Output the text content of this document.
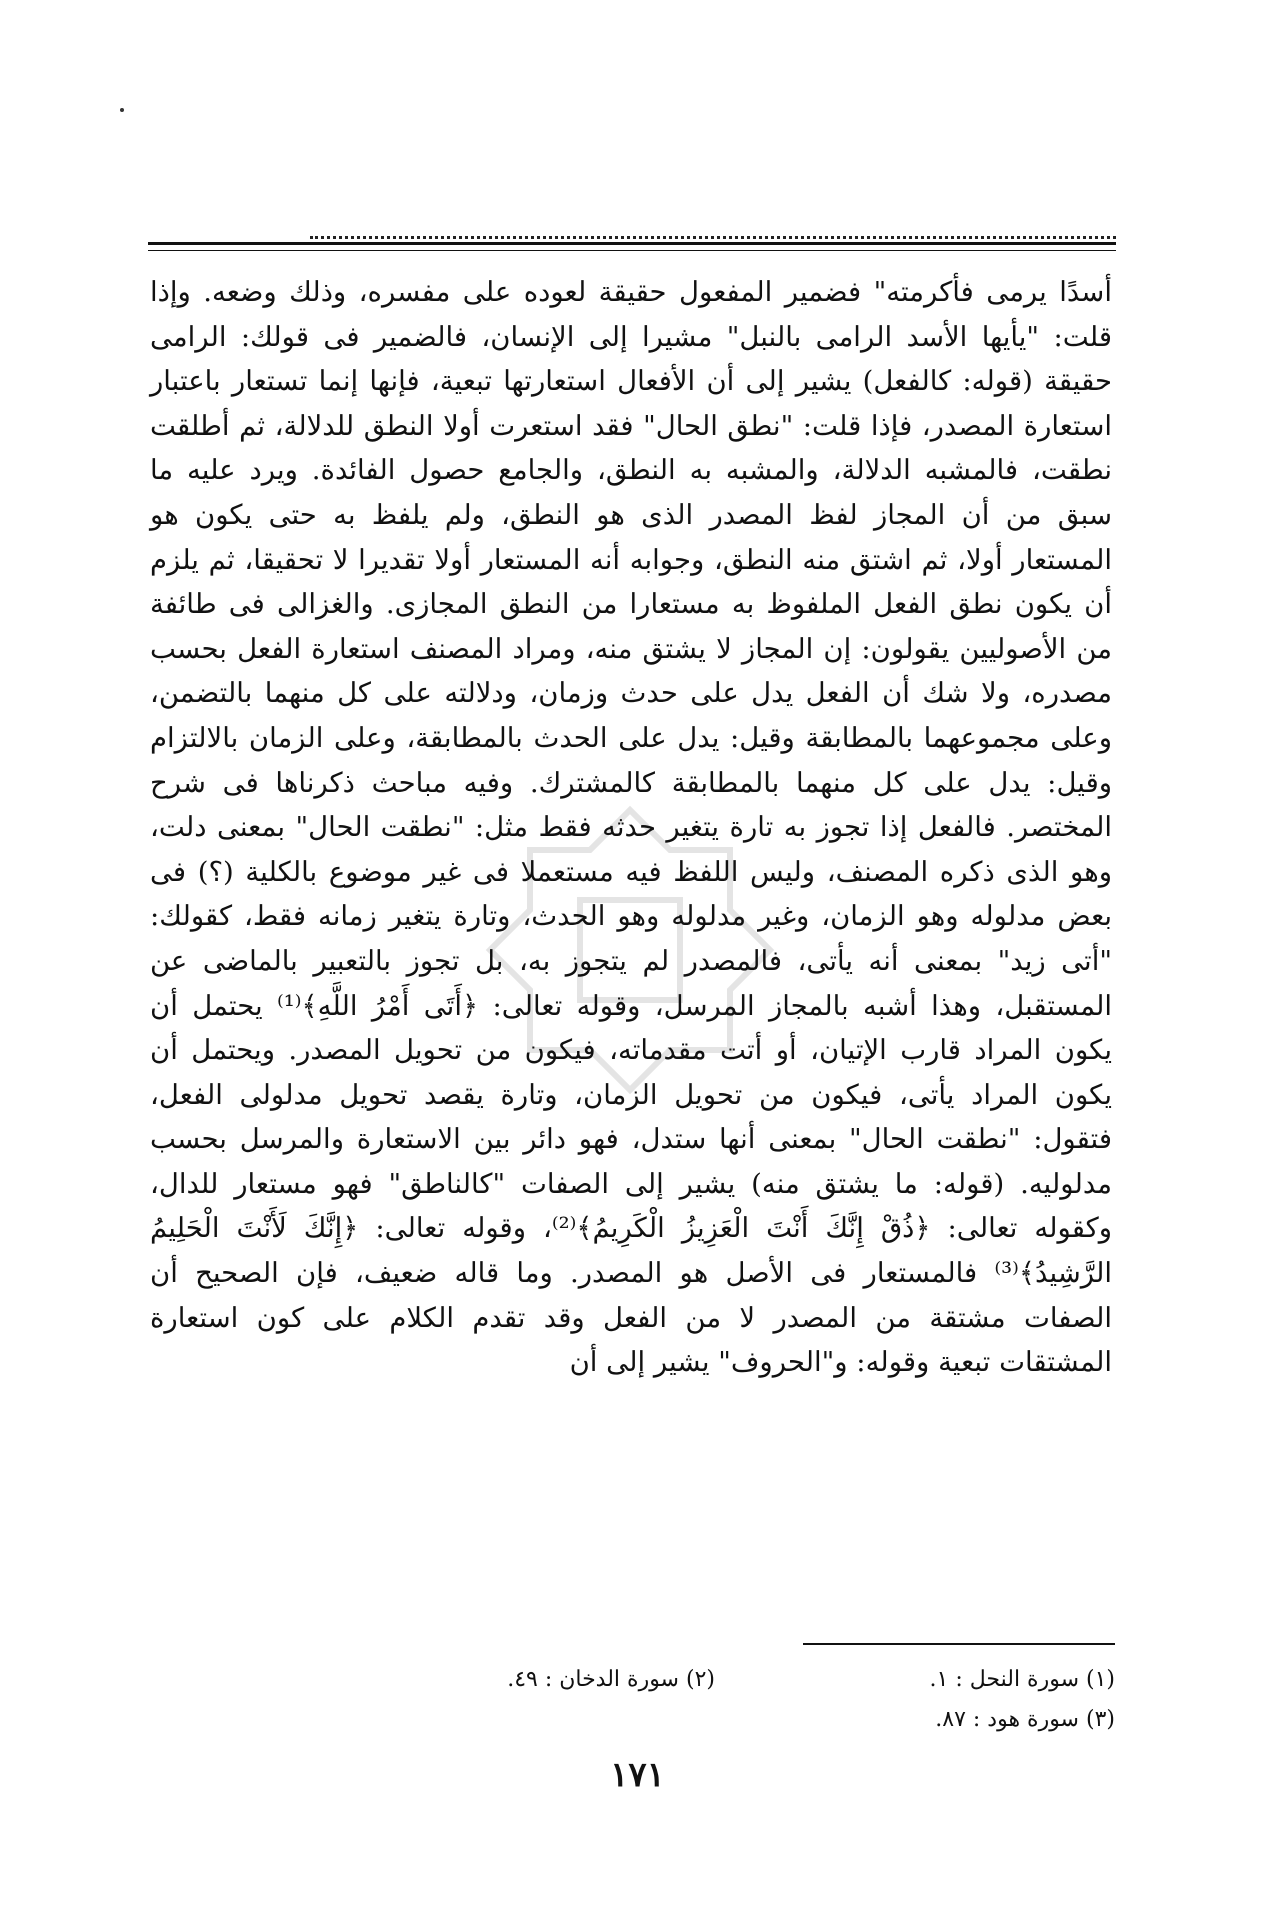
أسدًا يرمى فأكرمته" فضمير المفعول حقيقة لعوده على مفسره، وذلك وضعه. وإذا قلت: "يأيها الأسد الرامى بالنبل" مشيرا إلى الإنسان، فالضمير فى قولك: الرامى حقيقة (قوله: كالفعل) يشير إلى أن الأفعال استعارتها تبعية، فإنها إنما تستعار باعتبار استعارة المصدر، فإذا قلت: "نطق الحال" فقد استعرت أولا النطق للدلالة، ثم أطلقت نطقت، فالمشبه الدلالة، والمشبه به النطق، والجامع حصول الفائدة. ويرد عليه ما سبق من أن المجاز لفظ المصدر الذى هو النطق، ولم يلفظ به حتى يكون هو المستعار أولا، ثم اشتق منه النطق، وجوابه أنه المستعار أولا تقديرا لا تحقيقا، ثم يلزم أن يكون نطق الفعل الملفوظ به مستعارا من النطق المجازى. والغزالى فى طائفة من الأصوليين يقولون: إن المجاز لا يشتق منه، ومراد المصنف استعارة الفعل بحسب مصدره، ولا شك أن الفعل يدل على حدث وزمان، ودلالته على كل منهما بالتضمن، وعلى مجموعهما بالمطابقة وقيل: يدل على الحدث بالمطابقة، وعلى الزمان بالالتزام وقيل: يدل على كل منهما بالمطابقة كالمشترك. وفيه مباحث ذكرناها فى شرح المختصر. فالفعل إذا تجوز به تارة يتغير حدثه فقط مثل: "نطقت الحال" بمعنى دلت، وهو الذى ذكره المصنف، وليس اللفظ فيه مستعملا فى غير موضوع بالكلية (؟) فى بعض مدلوله وهو الزمان، وغير مدلوله وهو الحدث، وتارة يتغير زمانه فقط، كقولك: "أتى زيد" بمعنى أنه يأتى، فالمصدر لم يتجوز به، بل تجوز بالتعبير بالماضى عن المستقبل، وهذا أشبه بالمجاز المرسل، وقوله تعالى: ﴿أَتَى أَمْرُ اللَّهِ﴾⁽¹⁾ يحتمل أن يكون المراد قارب الإتيان، أو أتت مقدماته، فيكون من تحويل المصدر. ويحتمل أن يكون المراد يأتى، فيكون من تحويل الزمان، وتارة يقصد تحويل مدلولى الفعل، فتقول: "نطقت الحال" بمعنى أنها ستدل، فهو دائر بين الاستعارة والمرسل بحسب مدلوليه. (قوله: ما يشتق منه) يشير إلى الصفات "كالناطق" فهو مستعار للدال، وكقوله تعالى: ﴿ذُقْ إِنَّكَ أَنْتَ الْعَزِيزُ الْكَرِيمُ﴾⁽²⁾، وقوله تعالى: ﴿إِنَّكَ لَأَنْتَ الْحَلِيمُ الرَّشِيدُ﴾⁽³⁾ فالمستعار فى الأصل هو المصدر. وما قاله ضعيف، فإن الصحيح أن الصفات مشتقة من المصدر لا من الفعل وقد تقدم الكلام على كون استعارة المشتقات تبعية وقوله: و"الحروف" يشير إلى أن

(١) سورة النحل : ١.
(٢) سورة الدخان : ٤٩.
(٣) سورة هود : ٨٧.
١٧١
